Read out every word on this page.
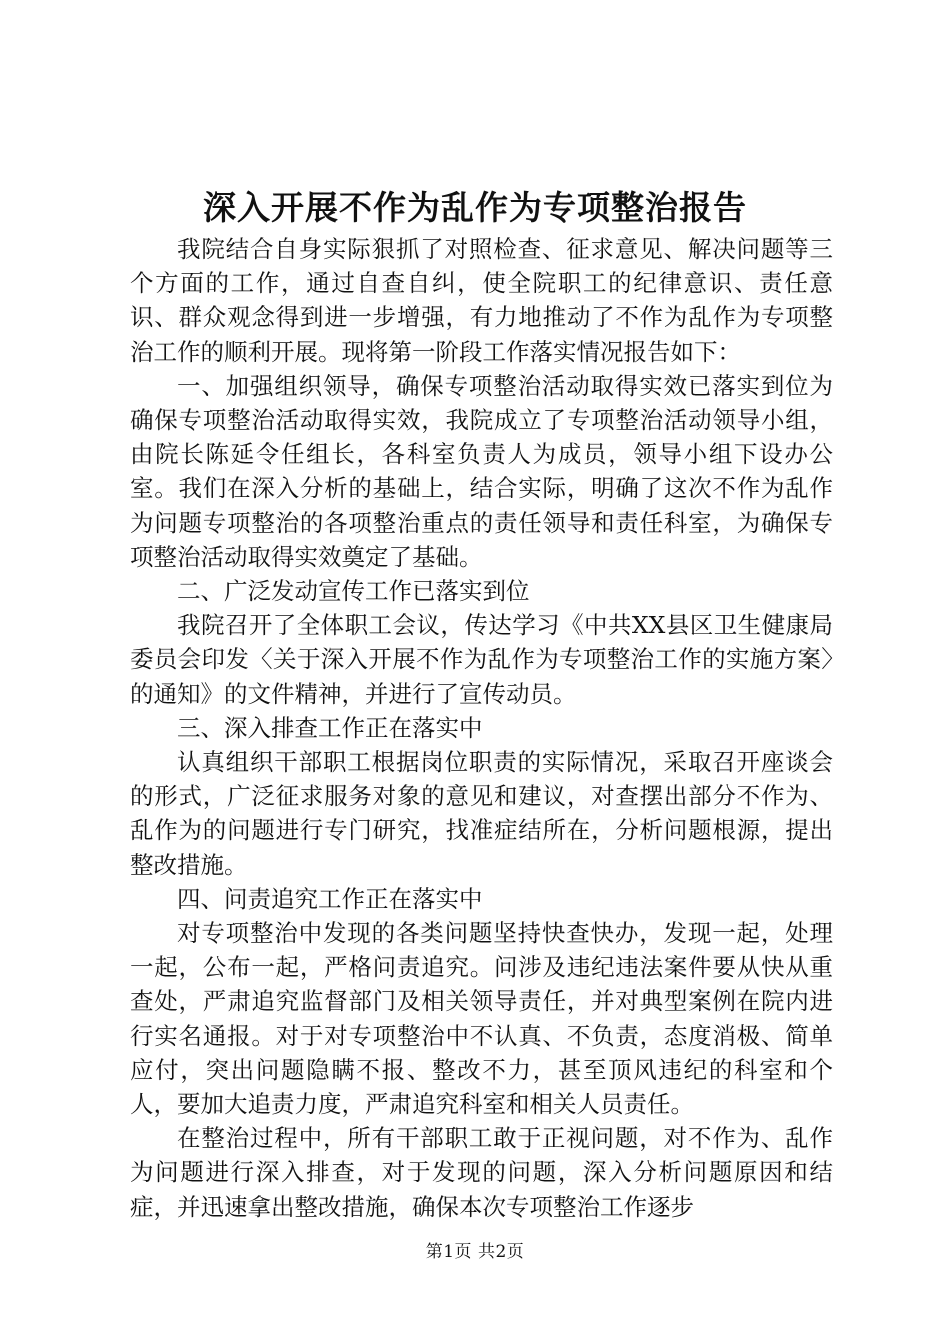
深入开展不作为乱作为专项整治报告

我院结合自身实际狠抓了对照检查、征求意见、解决问题等三个方面的工作，通过自查自纠，使全院职工的纪律意识、责任意识、群众观念得到进一步增强，有力地推动了不作为乱作为专项整治工作的顺利开展。现将第一阶段工作落实情况报告如下：

一、加强组织领导，确保专项整治活动取得实效已落实到位为确保专项整治活动取得实效，我院成立了专项整治活动领导小组，由院长陈延令任组长，各科室负责人为成员，领导小组下设办公室。我们在深入分析的基础上，结合实际，明确了这次不作为乱作为问题专项整治的各项整治重点的责任领导和责任科室，为确保专项整治活动取得实效奠定了基础。

二、广泛发动宣传工作已落实到位

我院召开了全体职工会议，传达学习《中共XX县区卫生健康局委员会印发〈关于深入开展不作为乱作为专项整治工作的实施方案〉的通知》的文件精神，并进行了宣传动员。

三、深入排查工作正在落实中

认真组织干部职工根据岗位职责的实际情况，采取召开座谈会的形式，广泛征求服务对象的意见和建议，对查摆出部分不作为、乱作为的问题进行专门研究，找准症结所在，分析问题根源，提出整改措施。

四、问责追究工作正在落实中

对专项整治中发现的各类问题坚持快查快办，发现一起，处理一起，公布一起，严格问责追究。问涉及违纪违法案件要从快从重查处，严肃追究监督部门及相关领导责任，并对典型案例在院内进行实名通报。对于对专项整治中不认真、不负责，态度消极、简单应付，突出问题隐瞒不报、整改不力，甚至顶风违纪的科室和个人，要加大追责力度，严肃追究科室和相关人员责任。

在整治过程中，所有干部职工敢于正视问题，对不作为、乱作为问题进行深入排查，对于发现的问题，深入分析问题原因和结症，并迅速拿出整改措施，确保本次专项整治工作逐步

第1页 共2页
